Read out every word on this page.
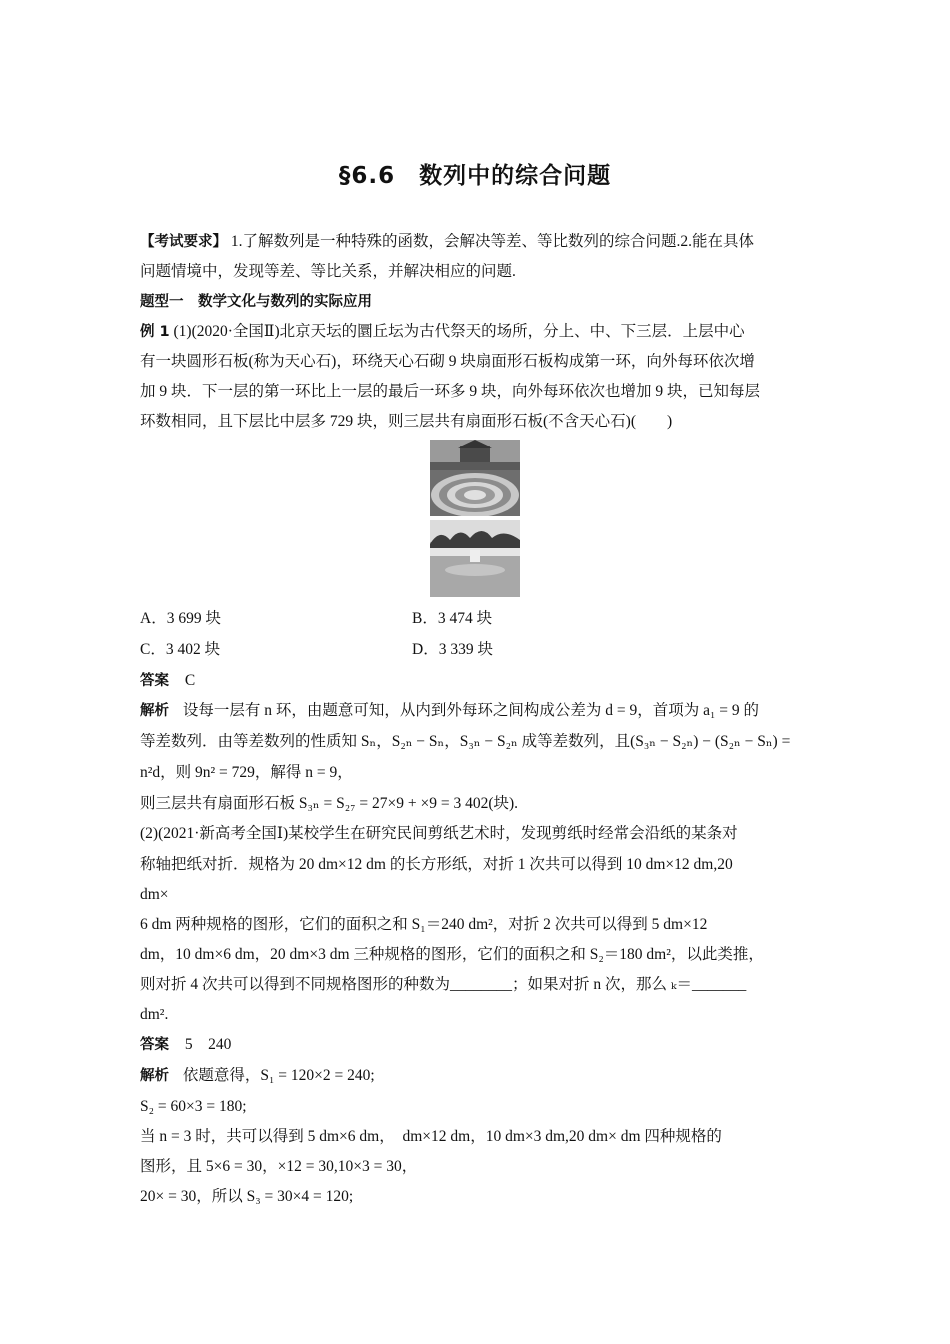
§6.6　数列中的综合问题
【考试要求】 1.了解数列是一种特殊的函数，会解决等差、等比数列的综合问题.2.能在具体
问题情境中，发现等差、等比关系，并解决相应的问题.
题型一　数学文化与数列的实际应用
例 1 (1)(2020·全国Ⅱ)北京天坛的圜丘坛为古代祭天的场所，分上、中、下三层．上层中心
有一块圆形石板(称为天心石)，环绕天心石砌 9 块扇面形石板构成第一环，向外每环依次增
加 9 块．下一层的第一环比上一层的最后一环多 9 块，向外每环依次也增加 9 块，已知每层
环数相同，且下层比中层多 729 块，则三层共有扇面形石板(不含天心石)(　　)
A．3 699 块	B．3 474 块
C．3 402 块	D．3 339 块
答案 C
解析 设每一层有 n 环，由题意可知，从内到外每环之间构成公差为 d = 9，首项为 a₁ = 9 的
等差数列．由等差数列的性质知 Sₙ，S₂ₙ − Sₙ，S₃ₙ − S₂ₙ 成等差数列，且(S₃ₙ − S₂ₙ) − (S₂ₙ − Sₙ) =
n²d，则 9n² = 729，解得 n = 9，
则三层共有扇面形石板 S₃ₙ = S₂₇ = 27×9 + ×9 = 3 402(块).
(2)(2021·新高考全国Ⅰ)某校学生在研究民间剪纸艺术时，发现剪纸时经常会沿纸的某条对
称轴把纸对折．规格为 20 dm×12 dm 的长方形纸，对折 1 次共可以得到 10 dm×12 dm,20
dm×
6 dm 两种规格的图形，它们的面积之和 S₁＝240 dm²，对折 2 次共可以得到 5 dm×12
dm，10 dm×6 dm，20 dm×3 dm 三种规格的图形，它们的面积之和 S₂＝180 dm²，以此类推，
则对折 4 次共可以得到不同规格图形的种数为________；如果对折 n 次，那么 ₖ＝_______
dm².
答案 5　240
解析 依题意得，S₁ = 120×2 = 240;
S₂ = 60×3 = 180;
当 n = 3 时，共可以得到 5 dm×6 dm，　dm×12 dm，10 dm×3 dm,20 dm× dm 四种规格的
图形，且 5×6 = 30，×12 = 30,10×3 = 30，
20× = 30，所以 S₃ = 30×4 = 120;
